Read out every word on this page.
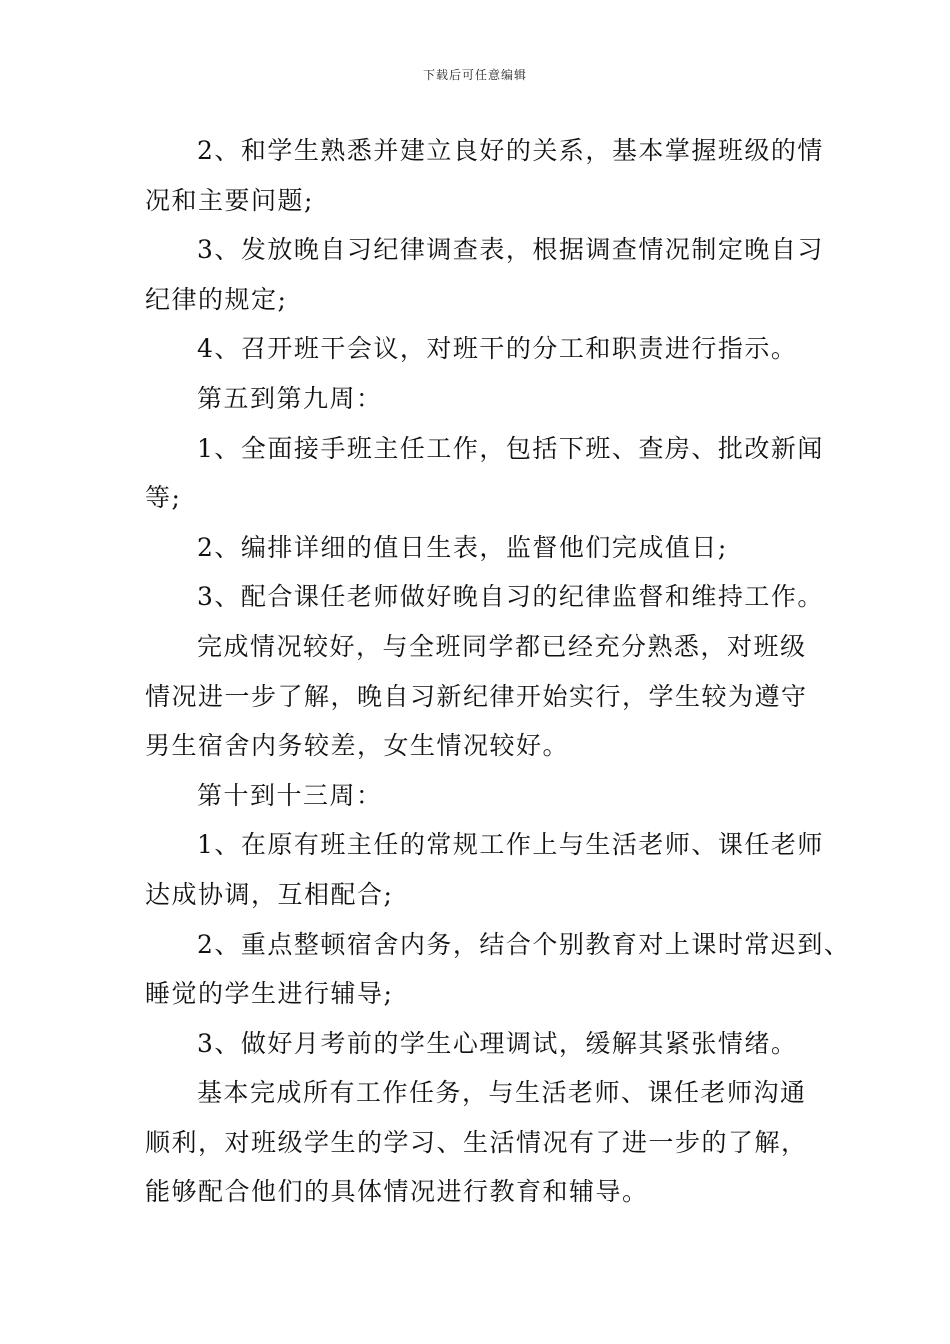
下载后可任意编辑
2、和学生熟悉并建立良好的关系，基本掌握班级的情
况和主要问题;
3、发放晚自习纪律调查表，根据调查情况制定晚自习
纪律的规定;
4、召开班干会议，对班干的分工和职责进行指示。
第五到第九周：
1、全面接手班主任工作，包括下班、查房、批改新闻
等;
2、编排详细的值日生表，监督他们完成值日;
3、配合课任老师做好晚自习的纪律监督和维持工作。
完成情况较好，与全班同学都已经充分熟悉，对班级
情况进一步了解，晚自习新纪律开始实行，学生较为遵守
男生宿舍内务较差，女生情况较好。
第十到十三周：
1、在原有班主任的常规工作上与生活老师、课任老师
达成协调，互相配合;
2、重点整顿宿舍内务，结合个别教育对上课时常迟到、
睡觉的学生进行辅导;
3、做好月考前的学生心理调试，缓解其紧张情绪。
基本完成所有工作任务，与生活老师、课任老师沟通
顺利，对班级学生的学习、生活情况有了进一步的了解，
能够配合他们的具体情况进行教育和辅导。
